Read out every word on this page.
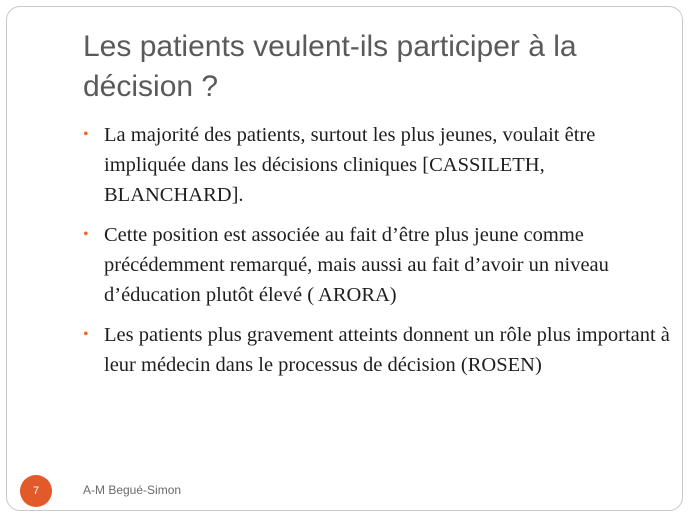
Les patients veulent-ils participer à la décision ?
• La majorité des patients, surtout les plus jeunes, voulait être impliquée dans les décisions cliniques [CASSILETH, BLANCHARD].
• Cette position est associée au fait d’être plus jeune comme précédemment remarqué, mais aussi au fait d’avoir un niveau d’éducation plutôt élevé ( ARORA)
• Les patients plus gravement atteints donnent un rôle plus important à leur médecin dans le processus de décision (ROSEN)
7	A-M Begué-Simon
